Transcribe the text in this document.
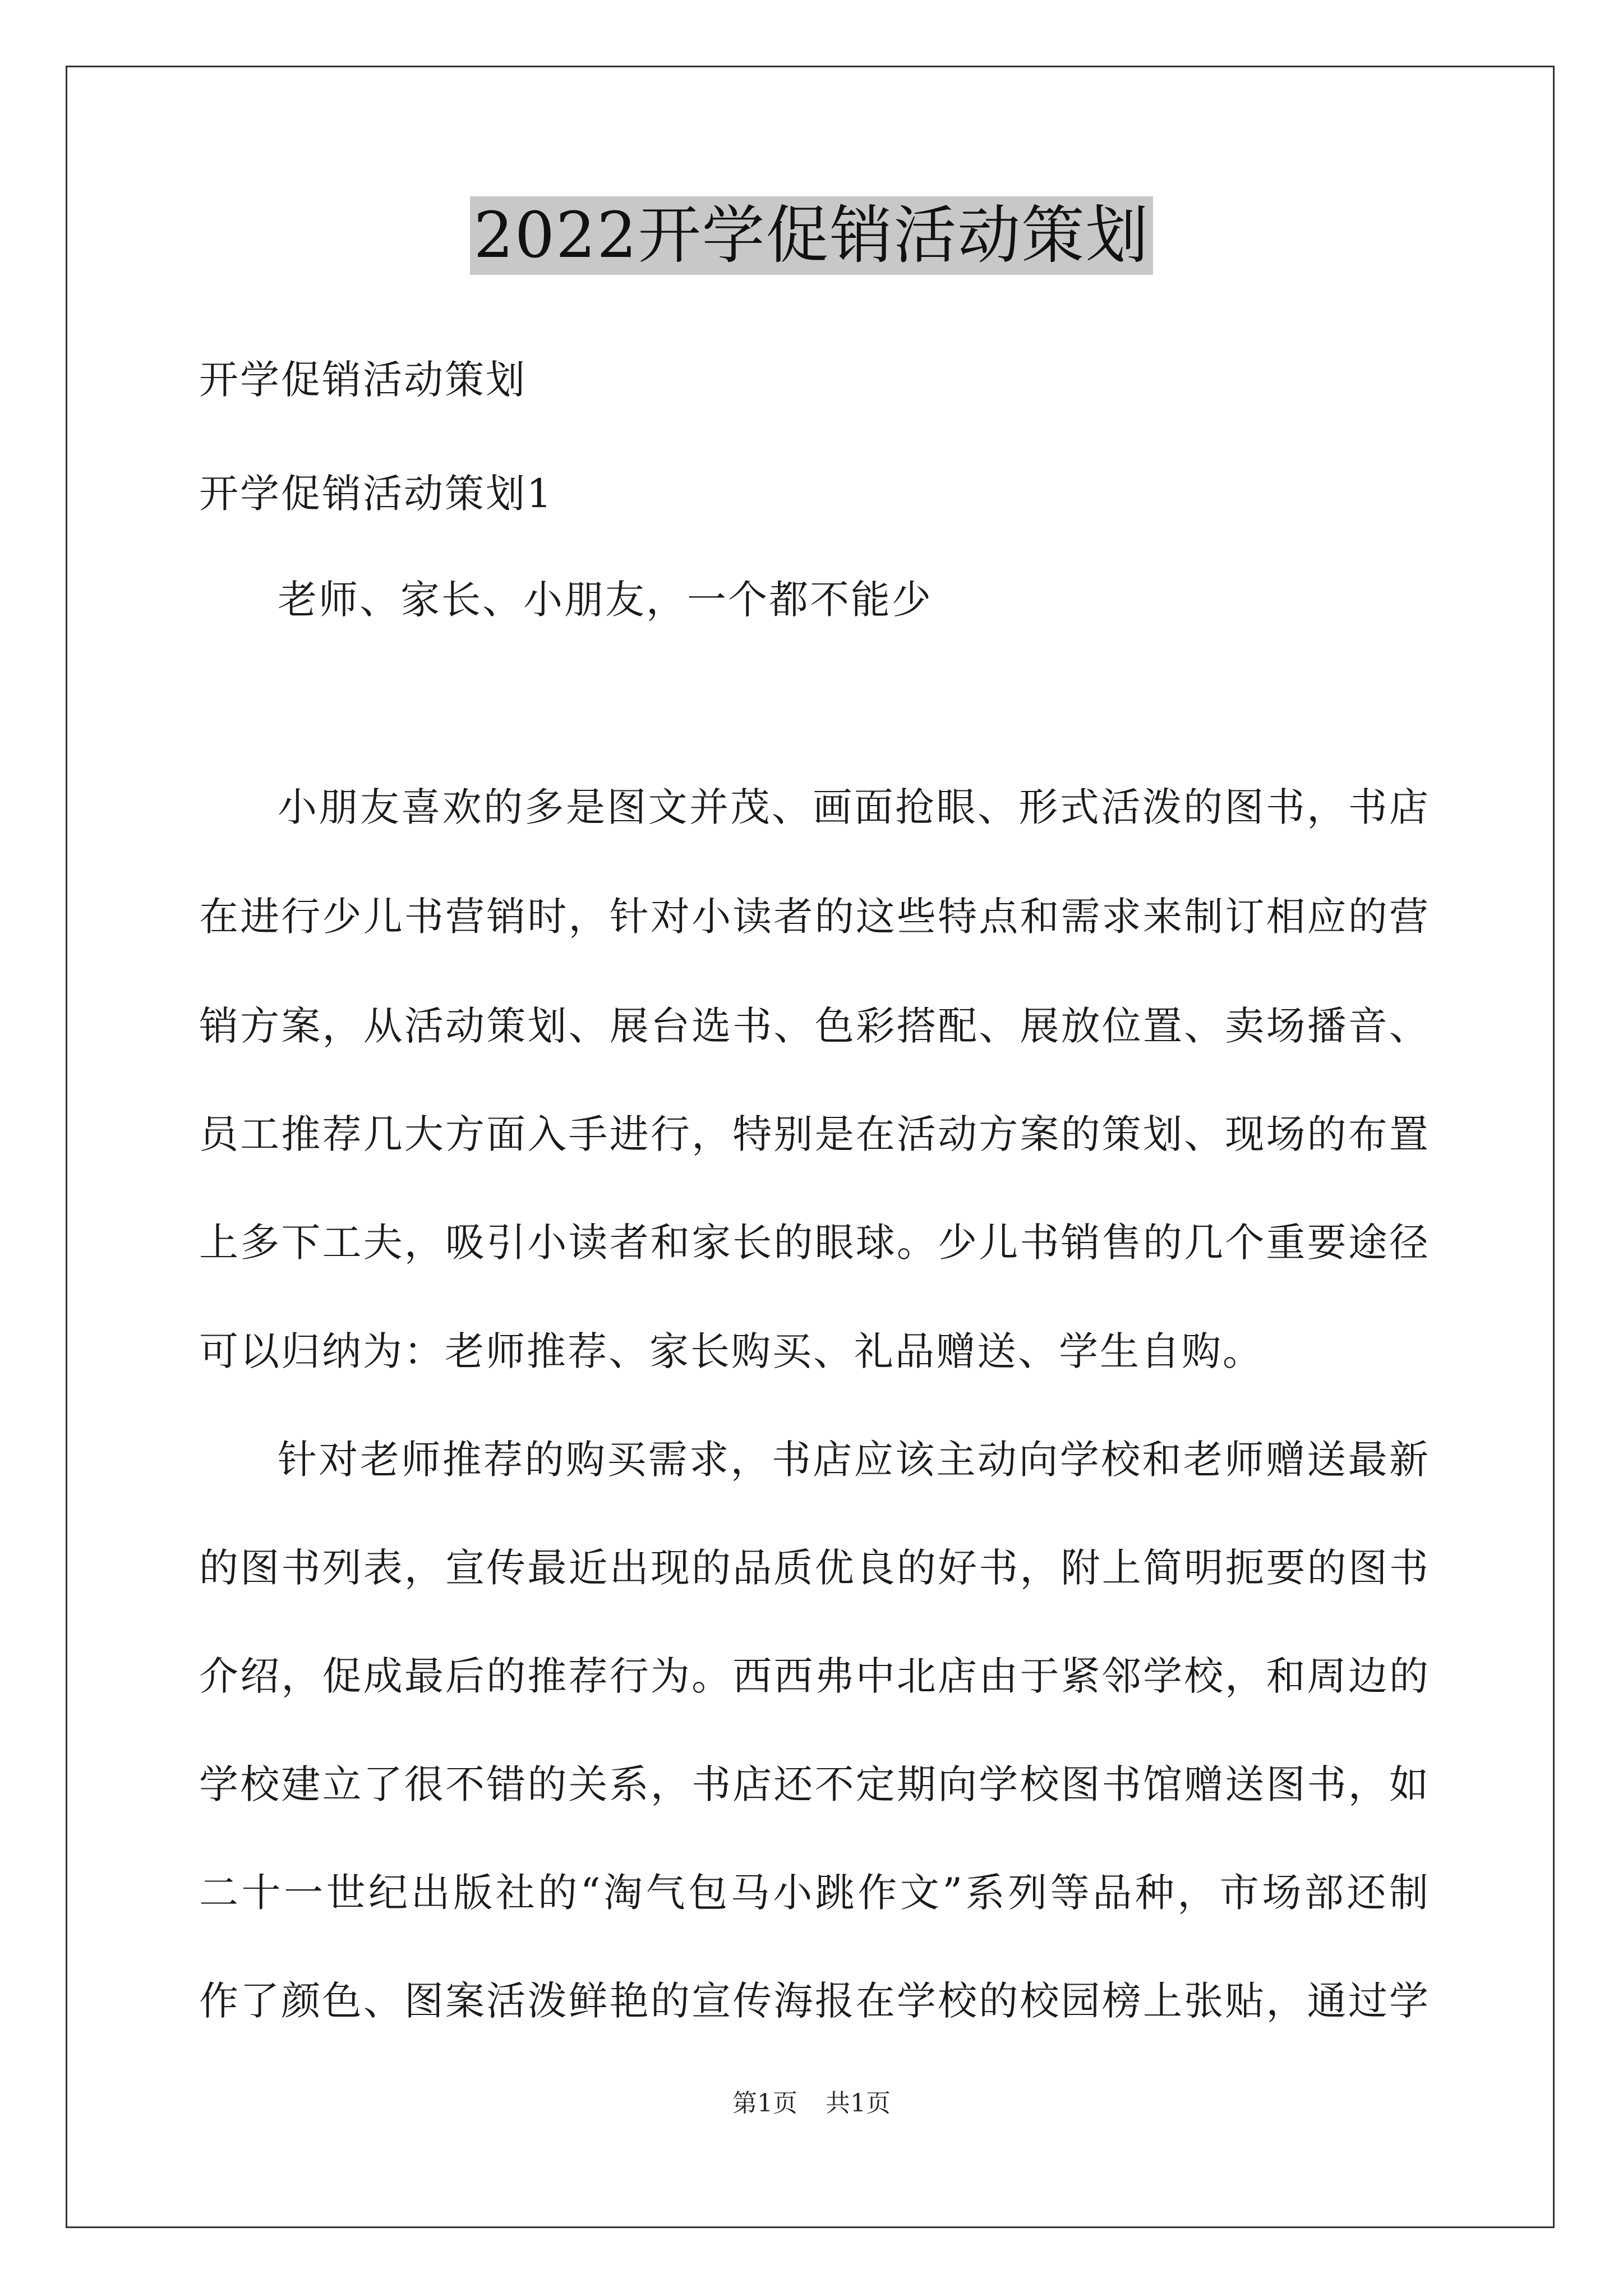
2022开学促销活动策划
开学促销活动策划
开学促销活动策划1
老师、家长、小朋友，一个都不能少
小朋友喜欢的多是图文并茂、画面抢眼、形式活泼的图书，书店
在进行少儿书营销时，针对小读者的这些特点和需求来制订相应的营
销方案，从活动策划、展台选书、色彩搭配、展放位置、卖场播音、
员工推荐几大方面入手进行，特别是在活动方案的策划、现场的布置
上多下工夫，吸引小读者和家长的眼球。少儿书销售的几个重要途径
可以归纳为：老师推荐、家长购买、礼品赠送、学生自购。
针对老师推荐的购买需求，书店应该主动向学校和老师赠送最新
的图书列表，宣传最近出现的品质优良的好书，附上简明扼要的图书
介绍，促成最后的推荐行为。西西弗中北店由于紧邻学校，和周边的
学校建立了很不错的关系，书店还不定期向学校图书馆赠送图书，如
二十一世纪出版社的“淘气包马小跳作文”系列等品种，市场部还制
作了颜色、图案活泼鲜艳的宣传海报在学校的校园榜上张贴，通过学
第1页 共1页
